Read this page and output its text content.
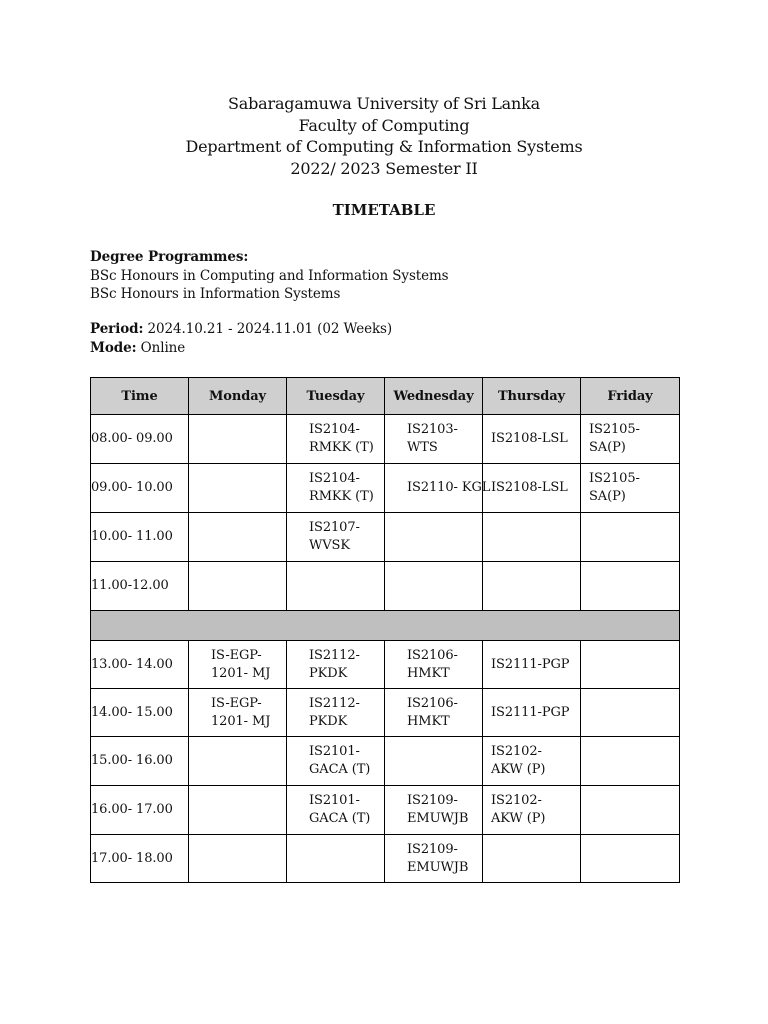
Sabaragamuwa University of Sri Lanka
Faculty of Computing
Department of Computing & Information Systems
2022/ 2023 Semester II
TIMETABLE
Degree Programmes:
BSc Honours in Computing and Information Systems
BSc Honours in Information Systems
Period: 2024.10.21 - 2024.11.01 (02 Weeks)
Mode: Online
Time	Monday	Tuesday	Wednesday	Thursday	Friday
08.00- 09.00		IS2104-
RMKK (T)	IS2103-
WTS	IS2108-LSL	IS2105-
SA(P)

09.00- 10.00		IS2104-
RMKK (T)	IS2110- KGL	IS2108-LSL	IS2105-
SA(P)

10.00- 11.00		IS2107-
WVSK			

11.00-12.00					

13.00- 14.00	IS-EGP-
1201- MJ	IS2112-
PKDK	IS2106-
HMKT	IS2111-PGP	

14.00- 15.00	IS-EGP-
1201- MJ	IS2112-
PKDK	IS2106-
HMKT	IS2111-PGP	

15.00- 16.00		IS2101-
GACA (T)		IS2102-
AKW (P)	

16.00- 17.00		IS2101-
GACA (T)	IS2109-
EMUWJB	IS2102-
AKW (P)	

17.00- 18.00			IS2109-
EMUWJB		
